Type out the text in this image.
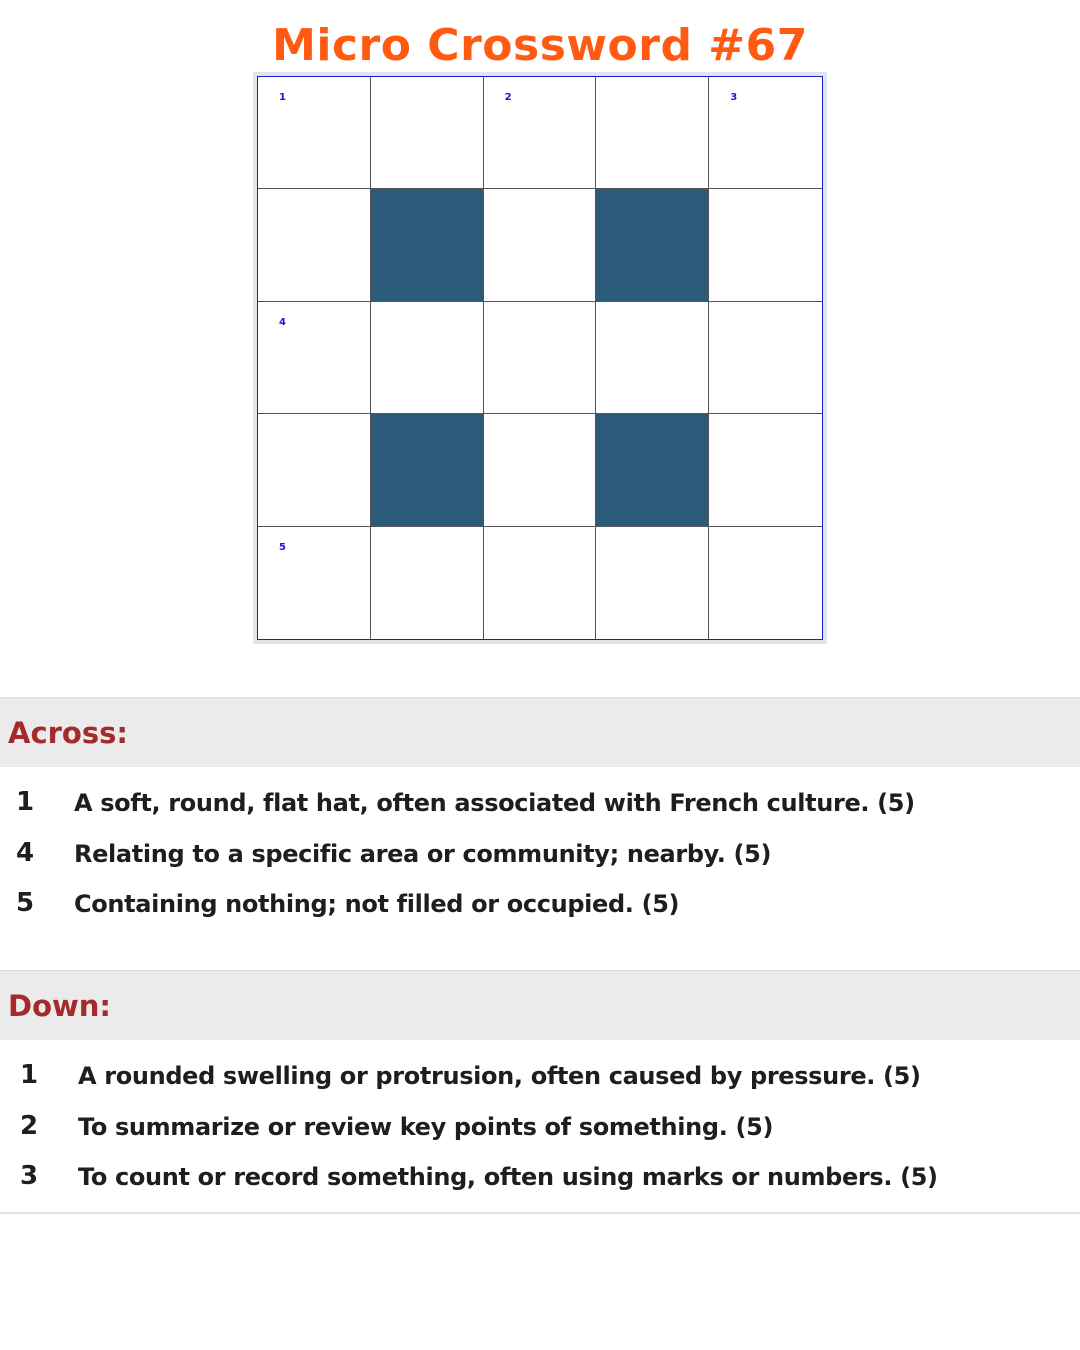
Micro Crossword #67
1	2	3
4
5
Across:
1	A soft, round, flat hat, often associated with French culture. (5)
4	Relating to a specific area or community; nearby. (5)
5	Containing nothing; not filled or occupied. (5)
Down:
1	A rounded swelling or protrusion, often caused by pressure. (5)
2	To summarize or review key points of something. (5)
3	To count or record something, often using marks or numbers. (5)
